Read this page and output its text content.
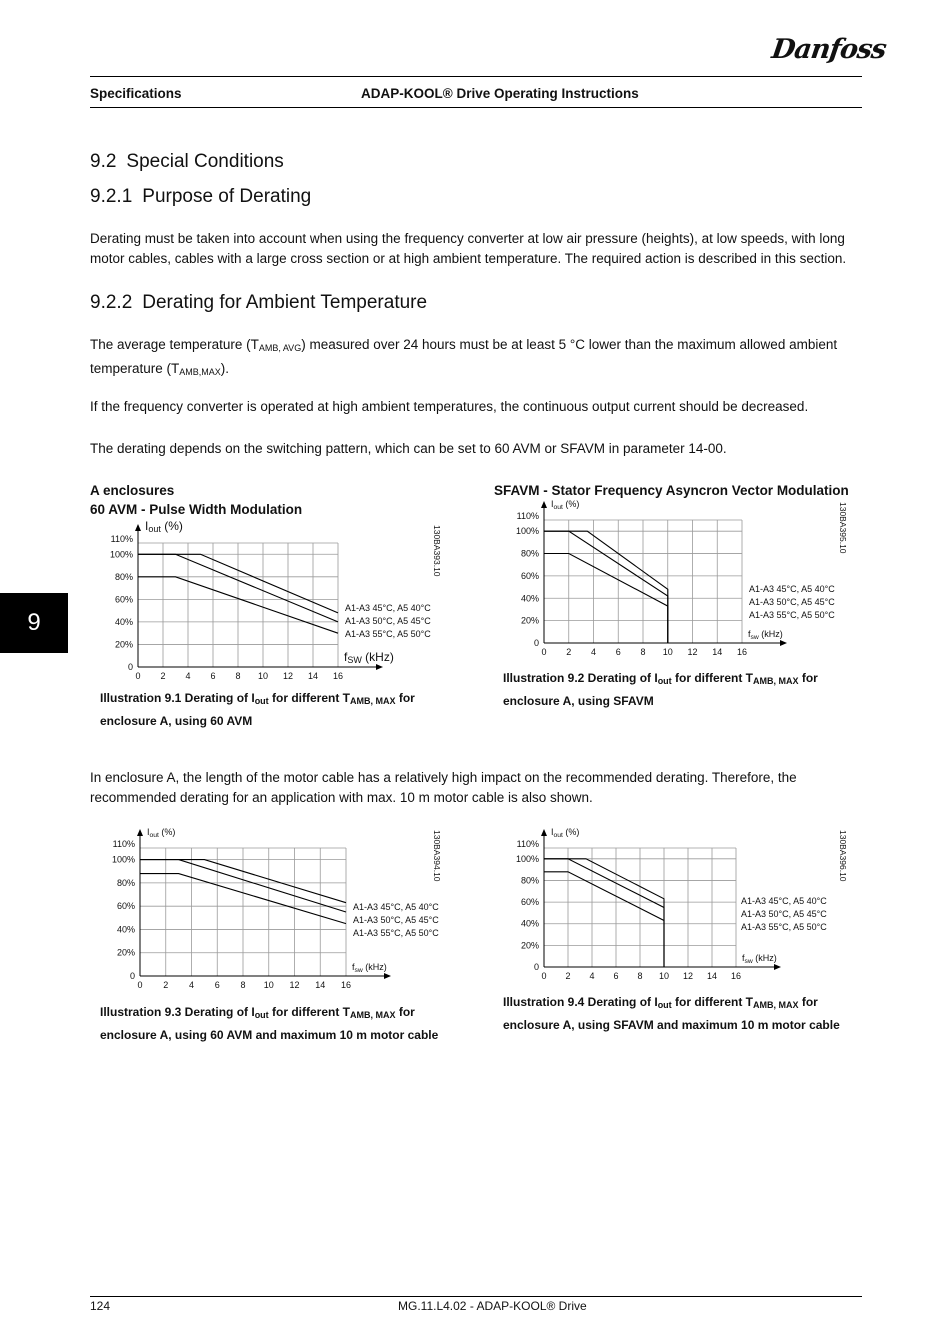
Danfoss
Specifications	ADAP-KOOL® Drive Operating Instructions
9.2 Special Conditions
9.2.1 Purpose of Derating

Derating must be taken into account when using the frequency converter at low air pressure (heights), at low speeds, with long motor cables, cables with a large cross section or at high ambient temperature. The required action is described in this section.

9.2.2 Derating for Ambient Temperature

The average temperature $(T_{AMB, AVG})$ measured over 24 hours must be at least 5 °C lower than the maximum allowed ambient temperature $(T_{AMB,MAX})$.

If the frequency converter is operated at high ambient temperatures, the continuous output current should be decreased.

The derating depends on the switching pattern, which can be set to 60 AVM or SFAVM in parameter 14-00.

A enclosures
60 AVM - Pulse Width Modulation
SFAVM - Stator Frequency Asyncron Vector Modulation
9
0 2 4 6 8 10 12 14 16
0
20%
40%
60%
80%
100%
110%
Iout (%)
fSW (kHz)
A1-A3 45°C, A5 40°C
A1-A3 50°C, A5 45°C
A1-A3 55°C, A5 50°C
130BA393.10
0 2 4 6 8 10 12 14 16
0
20%
40%
60%
80%
100%
110%
$I_{out}$ (%)
$f_{sw}$ (kHz)
A1-A3 45°C, A5 40°C
A1-A3 50°C, A5 45°C
A1-A3 55°C, A5 50°C
130BA395.10
0 2 4 6 8 10 12 14 16
0
20%
40%
60%
80%
100%
110%
$I_{out}$ (%)
$f_{sw}$ (kHz)
A1-A3 45°C, A5 40°C
A1-A3 50°C, A5 45°C
A1-A3 55°C, A5 50°C
130BA394.10
0 2 4 6 8 10 12 14 16
0
20%
40%
60%
80%
100%
110%
$I_{out}$ (%)
$f_{sw}$ (kHz)
A1-A3 45°C, A5 40°C
A1-A3 50°C, A5 45°C
A1-A3 55°C, A5 50°C
130BA396.10
Illustration 9.1 Derating of $I_{out}$ for different $T_{AMB, MAX}$ for
enclosure A, using 60 AVM
Illustration 9.2 Derating of $I_{out}$ for different $T_{AMB, MAX}$ for
enclosure A, using SFAVM

In enclosure A, the length of the motor cable has a relatively high impact on the recommended derating. Therefore, the recommended derating for an application with max. 10 m motor cable is also shown.

Illustration 9.3 Derating of $I_{out}$ for different $T_{AMB, MAX}$ for
enclosure A, using 60 AVM and maximum 10 m motor cable
Illustration 9.4 Derating of $I_{out}$ for different $T_{AMB, MAX}$ for
enclosure A, using SFAVM and maximum 10 m motor cable
124	MG.11.L4.02 - ADAP-KOOL® Drive
